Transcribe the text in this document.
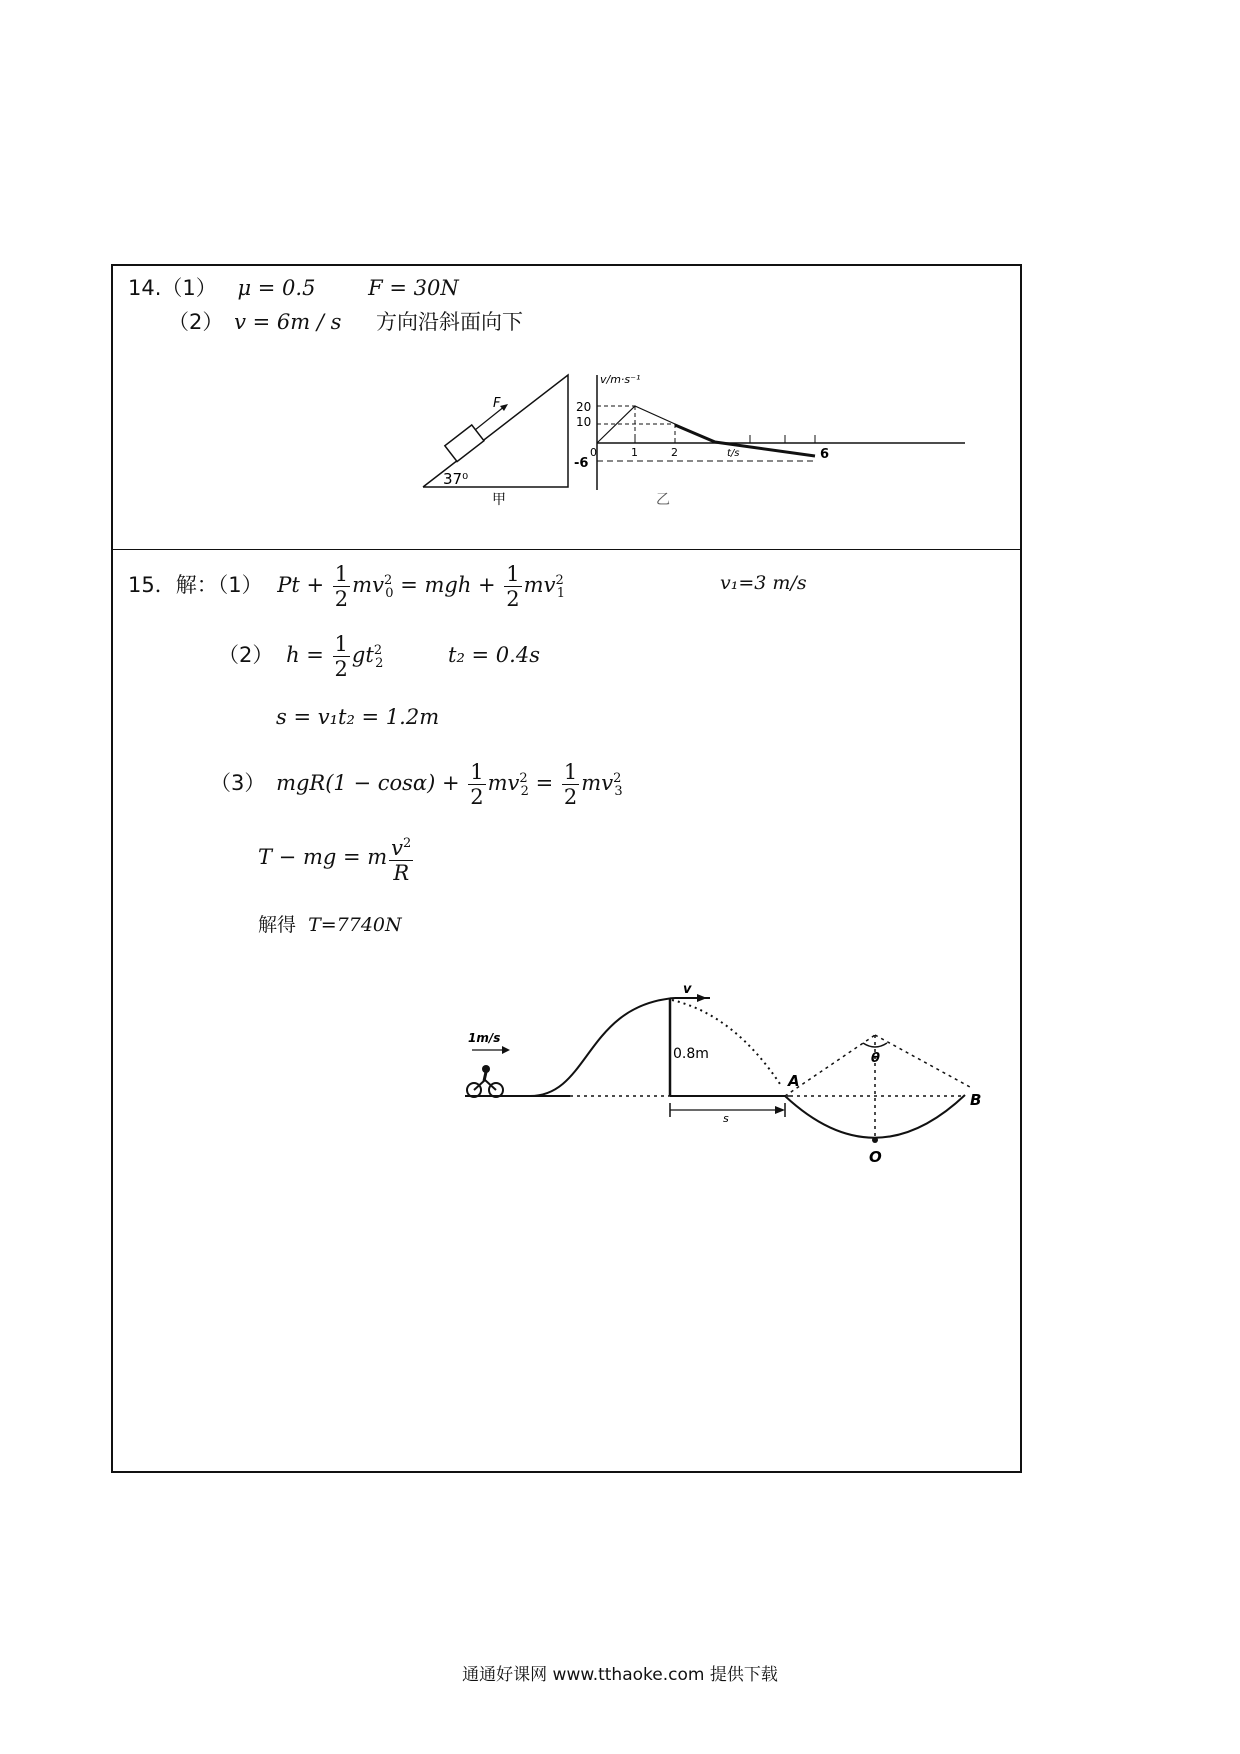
14.（1） μ = 0.5	F = 30N
（2） v = 6m / s 方向沿斜面向下
F
37⁰
甲
v/m·s⁻¹
20
10
0
-6
1	2	t/s	6
乙
15．解：（1） $Pt + \frac{1}{2} mv^2_0$ = mgh + $\frac{1}{2} mv^2_1$	v₁=3 m/s
（2） $h = \frac{1}{2} gt^2_2$	t₂ = 0.4s
s = v₁t₂ = 1.2m
（3） $mgR(1 - \cos\alpha) + \frac{1}{2} mv^2_2 = \frac{1}{2} mv^2_3$
T − mg = m $\frac{v^2}{R}$
解得 T=7740N
s
0.8m
v
A
θ
O
B
1m/s
通通好课网 www.tthaoke.com 提供下载
